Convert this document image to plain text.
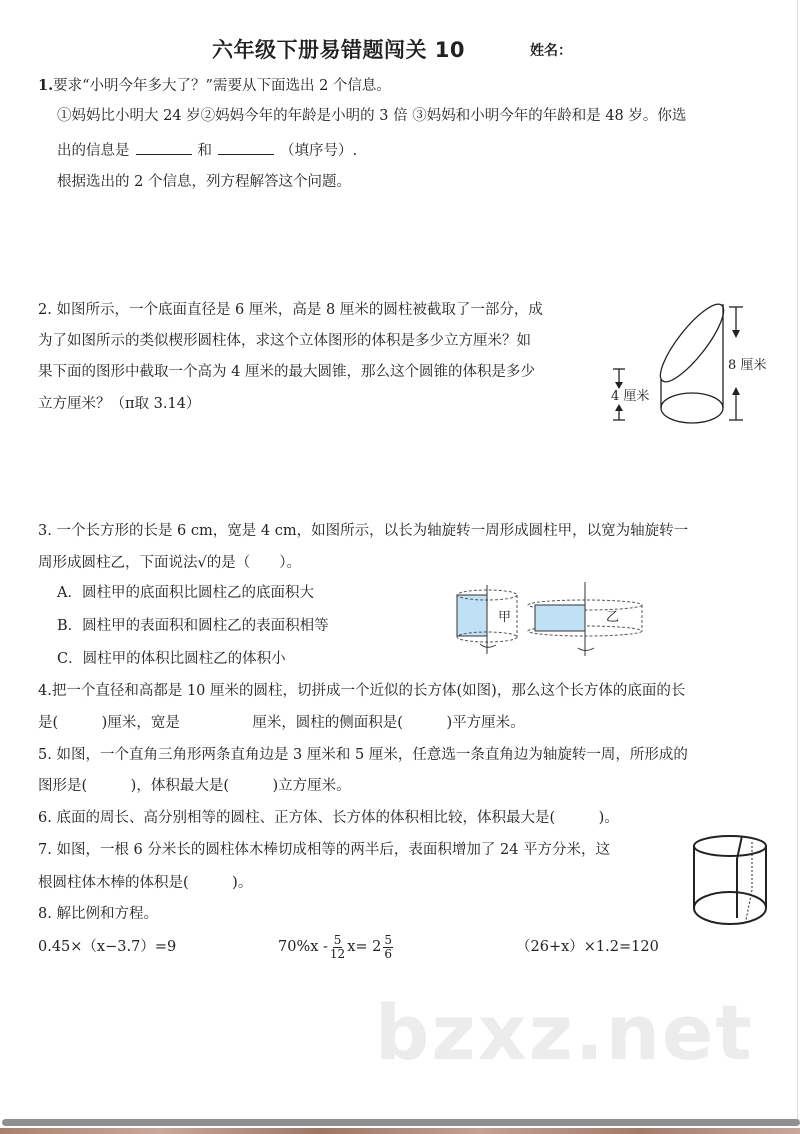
六年级下册易错题闯关 10	姓名：
1.要求“小明今年多大了？”需要从下面选出 2 个信息。
①妈妈比小明大 24 岁②妈妈今年的年龄是小明的 3 倍 ③妈妈和小明今年的年龄和是 48 岁。你选
出的信息是	和	（填序号）.
根据选出的 2 个信息，列方程解答这个问题。
2. 如图所示，一个底面直径是 6 厘米，高是 8 厘米的圆柱被截取了一部分，成
为了如图所示的类似楔形圆柱体，求这个立体图形的体积是多少立方厘米？如
果下面的图形中截取一个高为 4 厘米的最大圆锥，那么这个圆锥的体积是多少
立方厘米？（π取 3.14）
8 厘米
4 厘米
3. 一个长方形的长是 6 cm，宽是 4 cm，如图所示，以长为轴旋转一周形成圆柱甲，以宽为轴旋转一
周形成圆柱乙，下面说法√的是（　　）。
A．圆柱甲的底面积比圆柱乙的底面积大
B．圆柱甲的表面积和圆柱乙的表面积相等
C．圆柱甲的体积比圆柱乙的体积小
甲	乙
4.把一个直径和高都是 10 厘米的圆柱，切拼成一个近似的长方体(如图)，那么这个长方体的底面的长
是(　　　)厘米，宽是　　　　　厘米，圆柱的侧面积是(　　　)平方厘米。
5. 如图，一个直角三角形两条直角边是 3 厘米和 5 厘米，任意选一条直角边为轴旋转一周，所形成的
图形是(　　　)，体积最大是(　　　)立方厘米。
6. 底面的周长、高分别相等的圆柱、正方体、长方体的体积相比较，体积最大是(　　　)。
7. 如图，一根 6 分米长的圆柱体木棒切成相等的两半后，表面积增加了 24 平方分米，这
根圆柱体木棒的体积是(　　　)。
8. 解比例和方程。
0.45×（x−3.7）=9	$70\%x - \frac{5}{12} x= 2 \frac{5}{6}$	（26+x）×1.2=120
bzxz.net
